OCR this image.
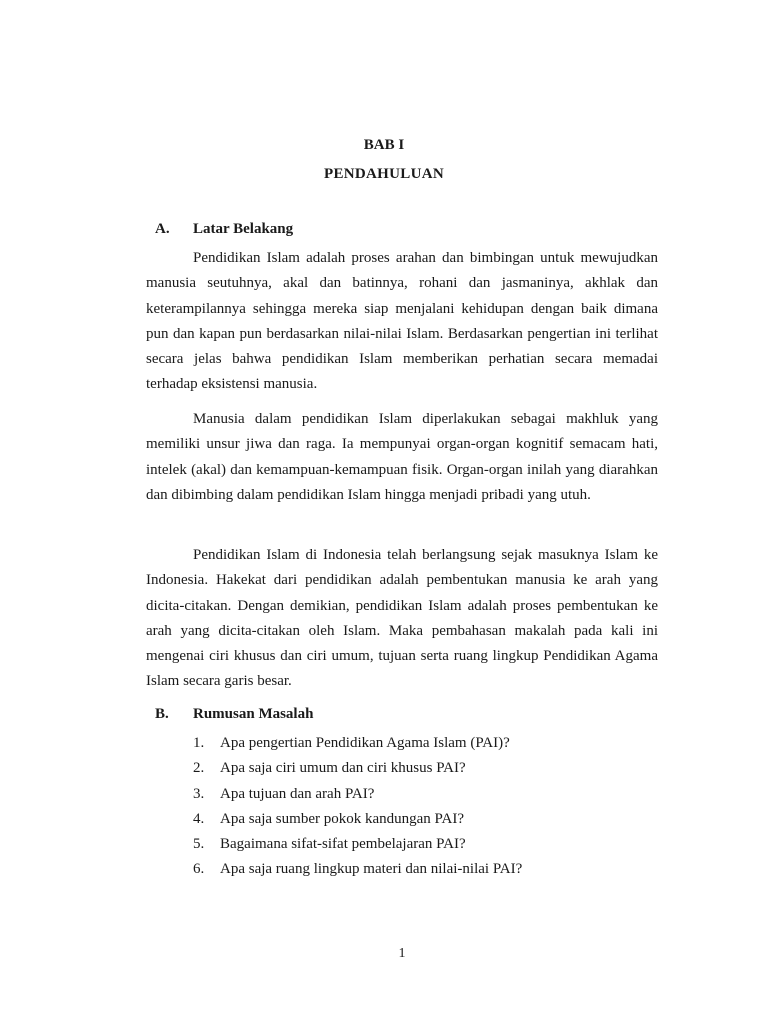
BAB I
PENDAHULUAN
A. Latar Belakang

Pendidikan Islam adalah proses arahan dan bimbingan untuk mewujudkan manusia seutuhnya, akal dan batinnya, rohani dan jasmaninya, akhlak dan keterampilannya sehingga mereka siap menjalani kehidupan dengan baik dimana pun dan kapan pun berdasarkan nilai-nilai Islam. Berdasarkan pengertian ini terlihat secara jelas bahwa pendidikan Islam memberikan perhatian secara memadai terhadap eksistensi manusia.

Manusia dalam pendidikan Islam diperlakukan sebagai makhluk yang memiliki unsur jiwa dan raga. Ia mempunyai organ-organ kognitif semacam hati, intelek (akal) dan kemampuan-kemampuan fisik. Organ-organ inilah yang diarahkan dan dibimbing dalam pendidikan Islam hingga menjadi pribadi yang utuh.

Pendidikan Islam di Indonesia telah berlangsung sejak masuknya Islam ke Indonesia. Hakekat dari pendidikan adalah pembentukan manusia ke arah yang dicita-citakan. Dengan demikian, pendidikan Islam adalah proses pembentukan ke arah yang dicita-citakan oleh Islam. Maka pembahasan makalah pada kali ini mengenai ciri khusus dan ciri umum, tujuan serta ruang lingkup Pendidikan Agama Islam secara garis besar.

B. Rumusan Masalah
1. Apa pengertian Pendidikan Agama Islam (PAI)?
2. Apa saja ciri umum dan ciri khusus PAI?
3. Apa tujuan dan arah PAI?
4. Apa saja sumber pokok kandungan PAI?
5. Bagaimana sifat-sifat pembelajaran PAI?
6. Apa saja ruang lingkup materi dan nilai-nilai PAI?
1
